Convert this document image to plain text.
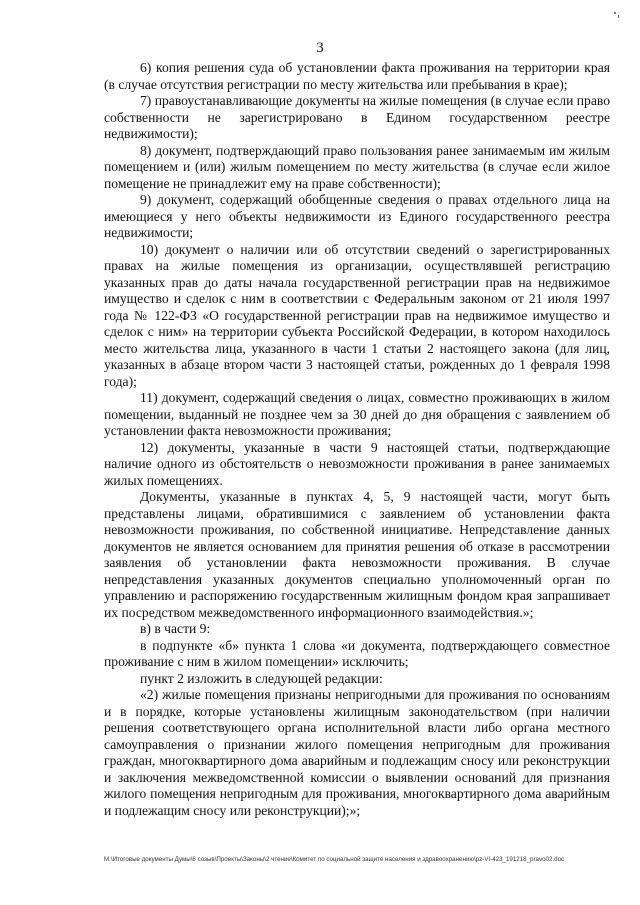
3

6) копия решения суда об установлении факта проживания на территории края (в случае отсутствия регистрации по месту жительства или пребывания в крае);

7) правоустанавливающие документы на жилые помещения (в случае если право собственности не зарегистрировано в Едином государственном реестре недвижимости);

8) документ, подтверждающий право пользования ранее занимаемым им жилым помещением и (или) жилым помещением по месту жительства (в случае если жилое помещение не принадлежит ему на праве собственности);

9) документ, содержащий обобщенные сведения о правах отдельного лица на имеющиеся у него объекты недвижимости из Единого государственного реестра недвижимости;

10) документ о наличии или об отсутствии сведений о зарегистрированных правах на жилые помещения из организации, осуществлявшей регистрацию указанных прав до даты начала государственной регистрации прав на недвижимое имущество и сделок с ним в соответствии с Федеральным законом от 21 июля 1997 года № 122-ФЗ «О государственной регистрации прав на недвижимое имущество и сделок с ним» на территории субъекта Российской Федерации, в котором находилось место жительства лица, указанного в части 1 статьи 2 настоящего закона (для лиц, указанных в абзаце втором части 3 настоящей статьи, рожденных до 1 февраля 1998 года);

11) документ, содержащий сведения о лицах, совместно проживающих в жилом помещении, выданный не позднее чем за 30 дней до дня обращения с заявлением об установлении факта невозможности проживания;

12) документы, указанные в части 9 настоящей статьи, подтверждающие наличие одного из обстоятельств о невозможности проживания в ранее занимаемых жилых помещениях.

Документы, указанные в пунктах 4, 5, 9 настоящей части, могут быть представлены лицами, обратившимися с заявлением об установлении факта невозможности проживания, по собственной инициативе. Непредставление данных документов не является основанием для принятия решения об отказе в рассмотрении заявления об установлении факта невозможности проживания. В случае непредставления указанных документов специально уполномоченный орган по управлению и распоряжению государственным жилищным фондом края запрашивает их посредством межведомственного информационного взаимодействия.»;

в) в части 9:

в подпункте «б» пункта 1 слова «и документа, подтверждающего совместное проживание с ним в жилом помещении» исключить;

пункт 2 изложить в следующей редакции:

«2) жилые помещения признаны непригодными для проживания по основаниям и в порядке, которые установлены жилищным законодательством (при наличии решения соответствующего органа исполнительной власти либо органа местного самоуправления о признании жилого помещения непригодным для проживания граждан, многоквартирного дома аварийным и подлежащим сносу или реконструкции и заключения межведомственной комиссии о выявлении оснований для признания жилого помещения непригодным для проживания, многоквартирного дома аварийным и подлежащим сносу или реконструкции);»;

M:\Итоговые документы Думы\6 созыв\Проекты\Законы\2 чтение\Комитет по социальной защите населения и здравоохранению\pz-VI-423_191218_pravo02.doc
